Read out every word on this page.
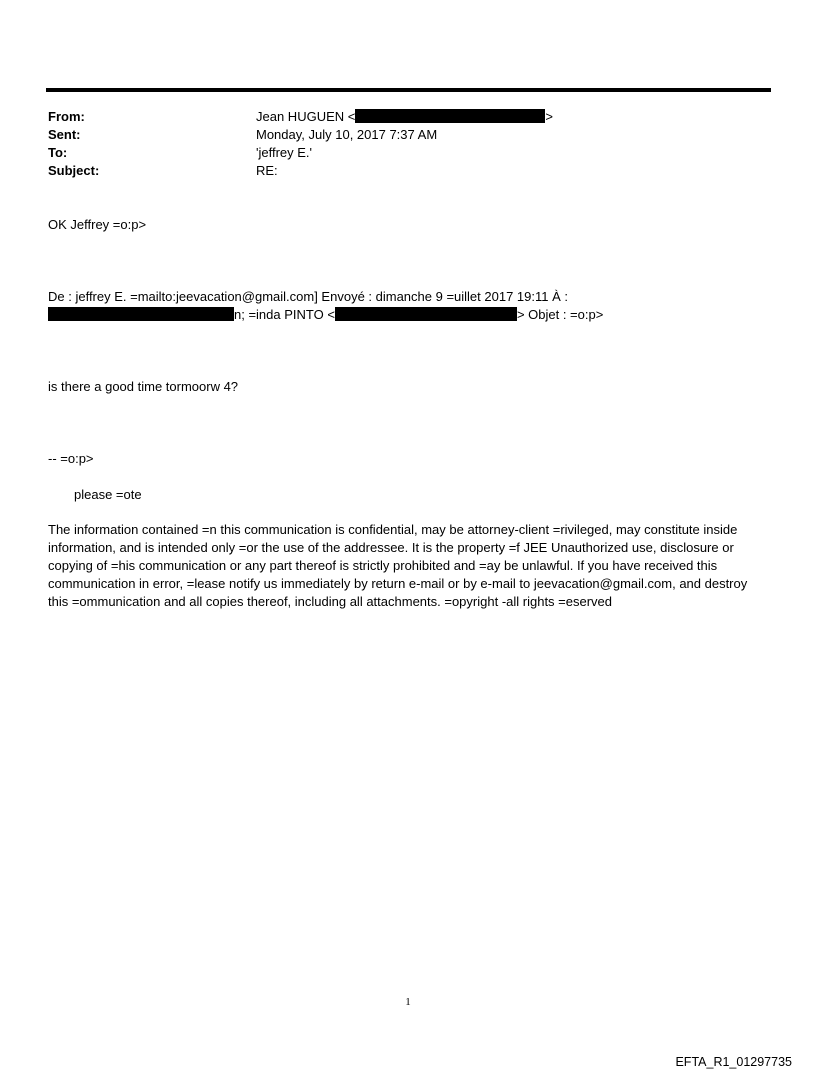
From:	Jean HUGUEN <	>
Sent:	Monday, July 10, 2017 7:37 AM
To:	'jeffrey E.'
Subject:	RE:
OK Jeffrey =o:p>
De : jeffrey E. =mailto:jeevacation@gmail.com] Envoyé : dimanche 9 =uillet 2017 19:11 À :
n; =inda PINTO <	> Objet : =o:p>
is there a good time tormoorw 4?
-- =o:p>
please =ote
The information contained =n this communication is confidential, may be attorney-client =rivileged, may constitute inside information, and is intended only =or the use of the addressee. It is the property =f JEE Unauthorized use, disclosure or copying of =his communication or any part thereof is strictly prohibited and =ay be unlawful. If you have received this communication in error, =lease notify us immediately by return e-mail or by e-mail to jeevacation@gmail.com, and destroy this =ommunication and all copies thereof, including all attachments. =opyright -all rights =eserved
1
EFTA_R1_01297735
